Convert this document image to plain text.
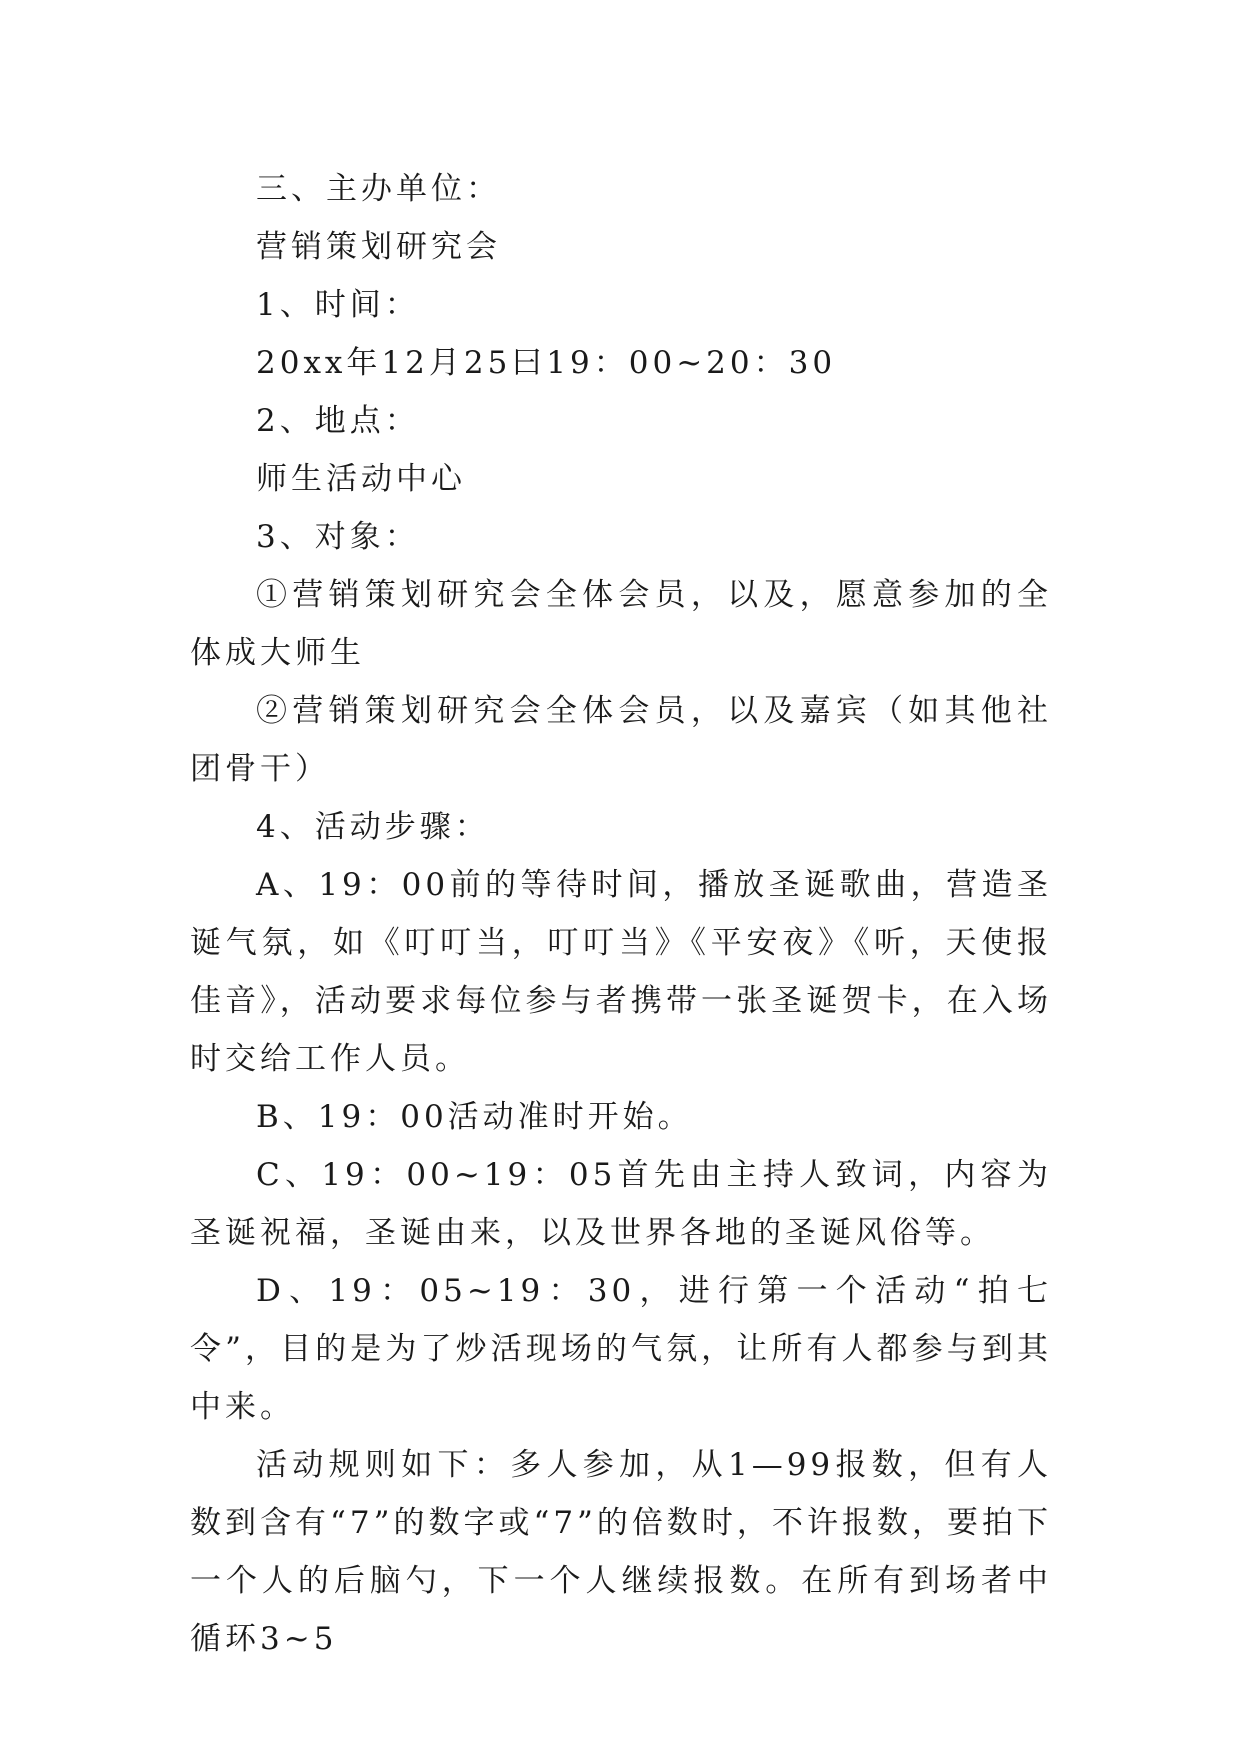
三、主办单位：

营销策划研究会

1、时间：

20xx年12月25曰19：00~20：30

2、地点：

师生活动中心

3、对象：

①营销策划研究会全体会员，以及，愿意参加的全体成大师生

②营销策划研究会全体会员，以及嘉宾（如其他社团骨干）

4、活动步骤：

A、19：00前的等待时间，播放圣诞歌曲，营造圣诞气氛，如《叮叮当，叮叮当》《平安夜》《听，天使报佳音》，活动要求每位参与者携带一张圣诞贺卡，在入场时交给工作人员。

B、19：00活动准时开始。

C、19：00~19：05首先由主持人致词，内容为圣诞祝福，圣诞由来，以及世界各地的圣诞风俗等。

D、19：05~19：30，进行第一个活动“拍七令”，目的是为了炒活现场的气氛，让所有人都参与到其中来。

活动规则如下：多人参加，从1—99报数，但有人数到含有“7”的数字或“7”的倍数时，不许报数，要拍下一个人的后脑勺，下一个人继续报数。在所有到场者中循环3~5
